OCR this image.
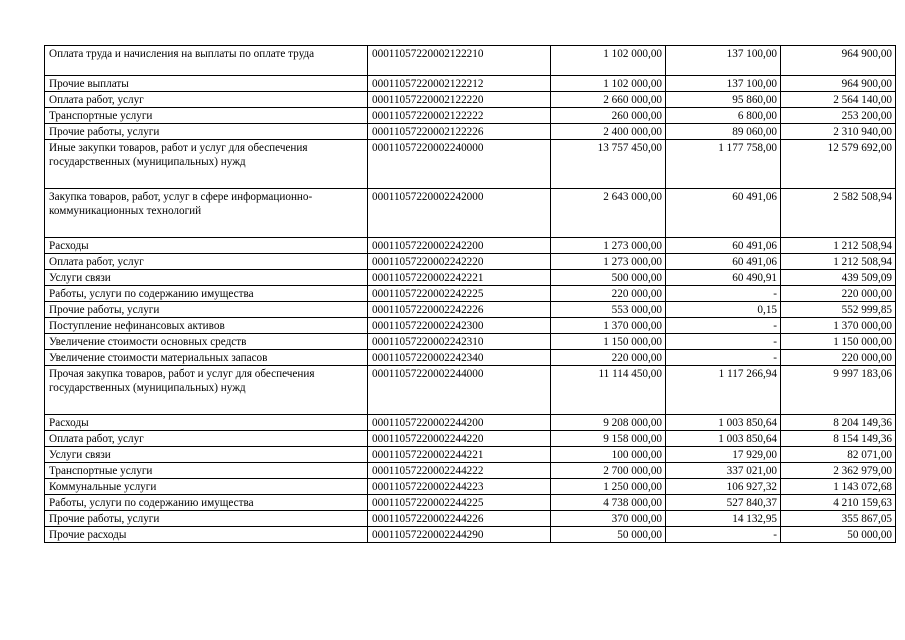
Оплата труда и начисления на выплаты по оплате труда	00011057220002122210	1 102 000,00	137 100,00	964 900,00
Прочие выплаты	00011057220002122212	1 102 000,00	137 100,00	964 900,00
Оплата работ, услуг	00011057220002122220	2 660 000,00	95 860,00	2 564 140,00
Транспортные услуги	00011057220002122222	260 000,00	6 800,00	253 200,00
Прочие работы, услуги	00011057220002122226	2 400 000,00	89 060,00	2 310 940,00
Иные закупки товаров, работ и услуг для обеспечения государственных (муниципальных) нужд	00011057220002240000	13 757 450,00	1 177 758,00	12 579 692,00
Закупка товаров, работ, услуг в сфере информационно-коммуникационных технологий	00011057220002242000	2 643 000,00	60 491,06	2 582 508,94
Расходы	00011057220002242200	1 273 000,00	60 491,06	1 212 508,94
Оплата работ, услуг	00011057220002242220	1 273 000,00	60 491,06	1 212 508,94
Услуги связи	00011057220002242221	500 000,00	60 490,91	439 509,09
Работы, услуги по содержанию имущества	00011057220002242225	220 000,00	-	220 000,00
Прочие работы, услуги	00011057220002242226	553 000,00	0,15	552 999,85
Поступление нефинансовых активов	00011057220002242300	1 370 000,00	-	1 370 000,00
Увеличение стоимости основных средств	00011057220002242310	1 150 000,00	-	1 150 000,00
Увеличение стоимости материальных запасов	00011057220002242340	220 000,00	-	220 000,00
Прочая закупка товаров, работ и услуг для обеспечения государственных (муниципальных) нужд	00011057220002244000	11 114 450,00	1 117 266,94	9 997 183,06
Расходы	00011057220002244200	9 208 000,00	1 003 850,64	8 204 149,36
Оплата работ, услуг	00011057220002244220	9 158 000,00	1 003 850,64	8 154 149,36
Услуги связи	00011057220002244221	100 000,00	17 929,00	82 071,00
Транспортные услуги	00011057220002244222	2 700 000,00	337 021,00	2 362 979,00
Коммунальные услуги	00011057220002244223	1 250 000,00	106 927,32	1 143 072,68
Работы, услуги по содержанию имущества	00011057220002244225	4 738 000,00	527 840,37	4 210 159,63
Прочие работы, услуги	00011057220002244226	370 000,00	14 132,95	355 867,05
Прочие расходы	00011057220002244290	50 000,00	-	50 000,00
